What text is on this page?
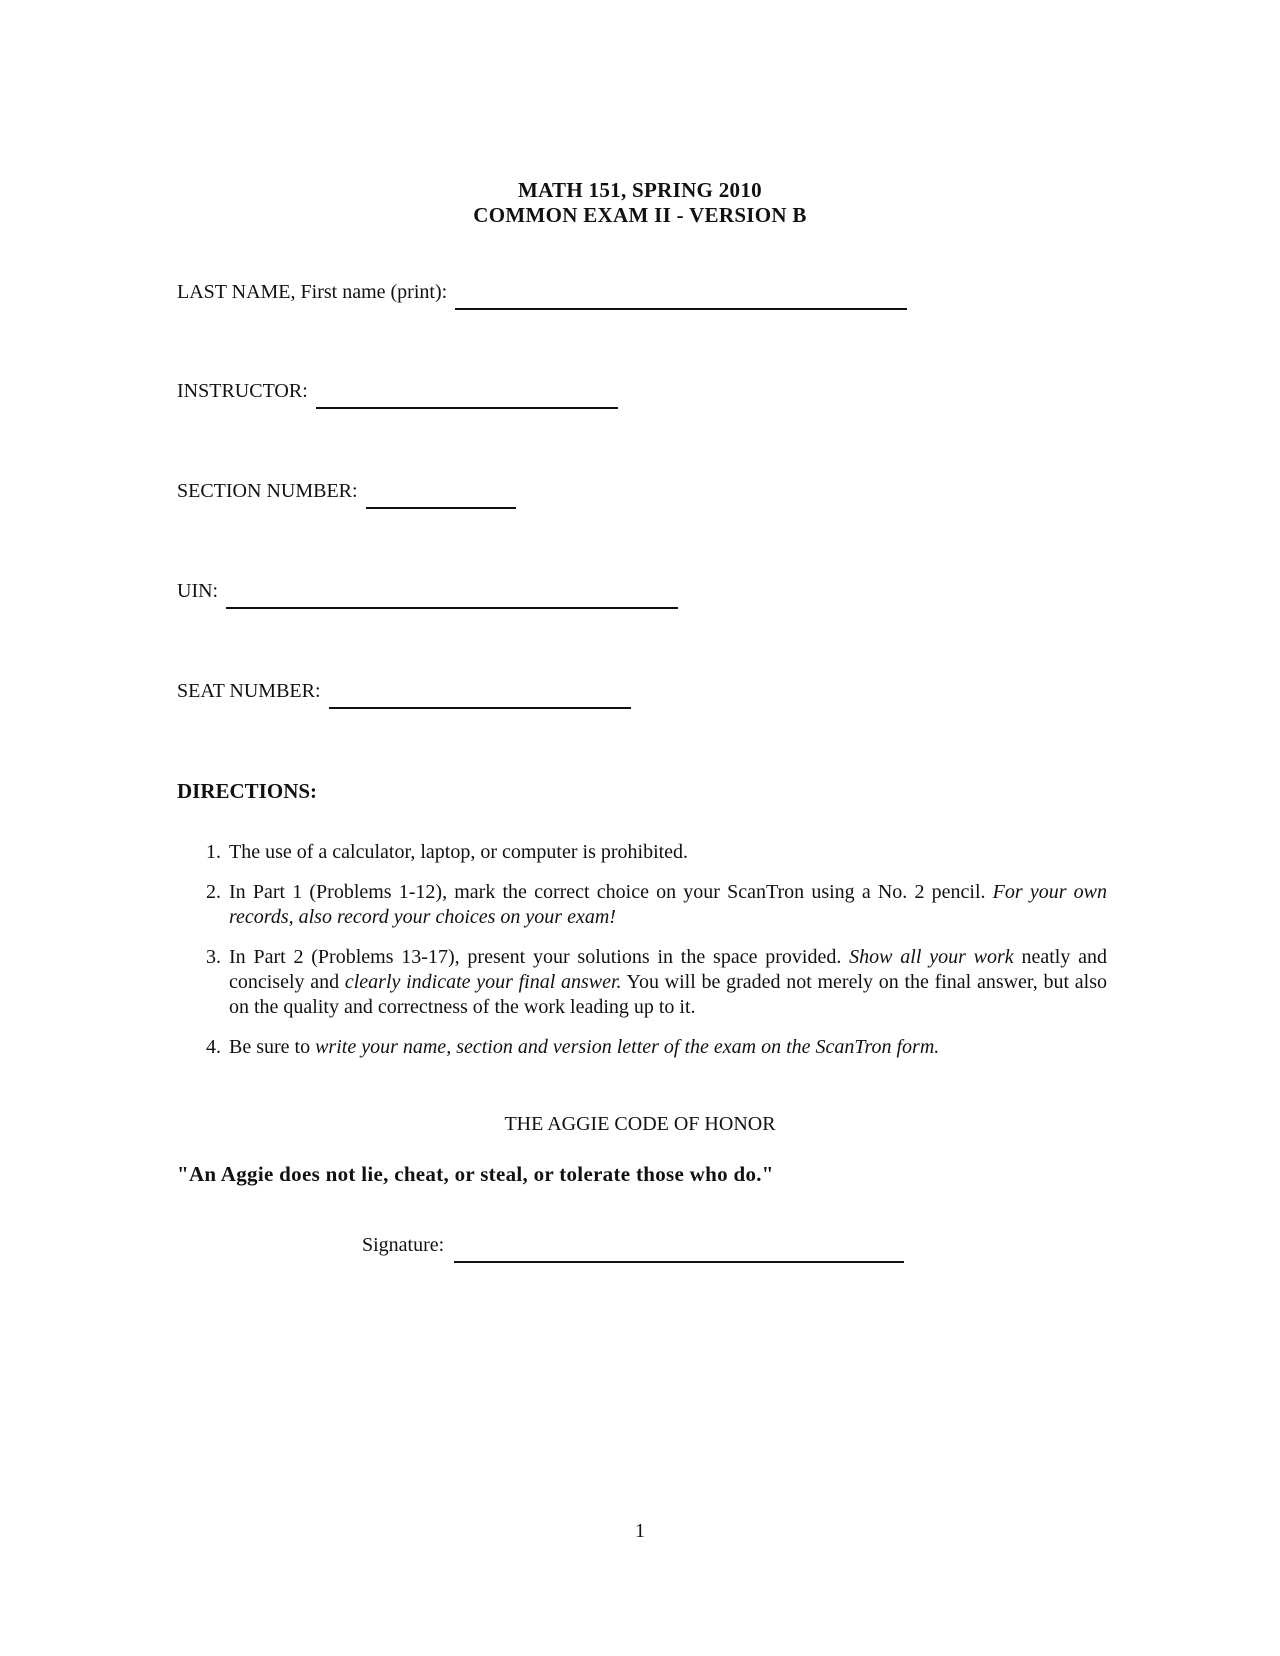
MATH 151, SPRING 2010
COMMON EXAM II - VERSION B
LAST NAME, First name (print):
INSTRUCTOR:
SECTION NUMBER:
UIN:
SEAT NUMBER:
DIRECTIONS:
1. The use of a calculator, laptop, or computer is prohibited.
2. In Part 1 (Problems 1-12), mark the correct choice on your ScanTron using a No. 2 pencil. For your own records, also record your choices on your exam!
3. In Part 2 (Problems 13-17), present your solutions in the space provided. Show all your work neatly and concisely and clearly indicate your final answer. You will be graded not merely on the final answer, but also on the quality and correctness of the work leading up to it.
4. Be sure to write your name, section and version letter of the exam on the ScanTron form.
THE AGGIE CODE OF HONOR
"An Aggie does not lie, cheat, or steal, or tolerate those who do."
Signature:
1
